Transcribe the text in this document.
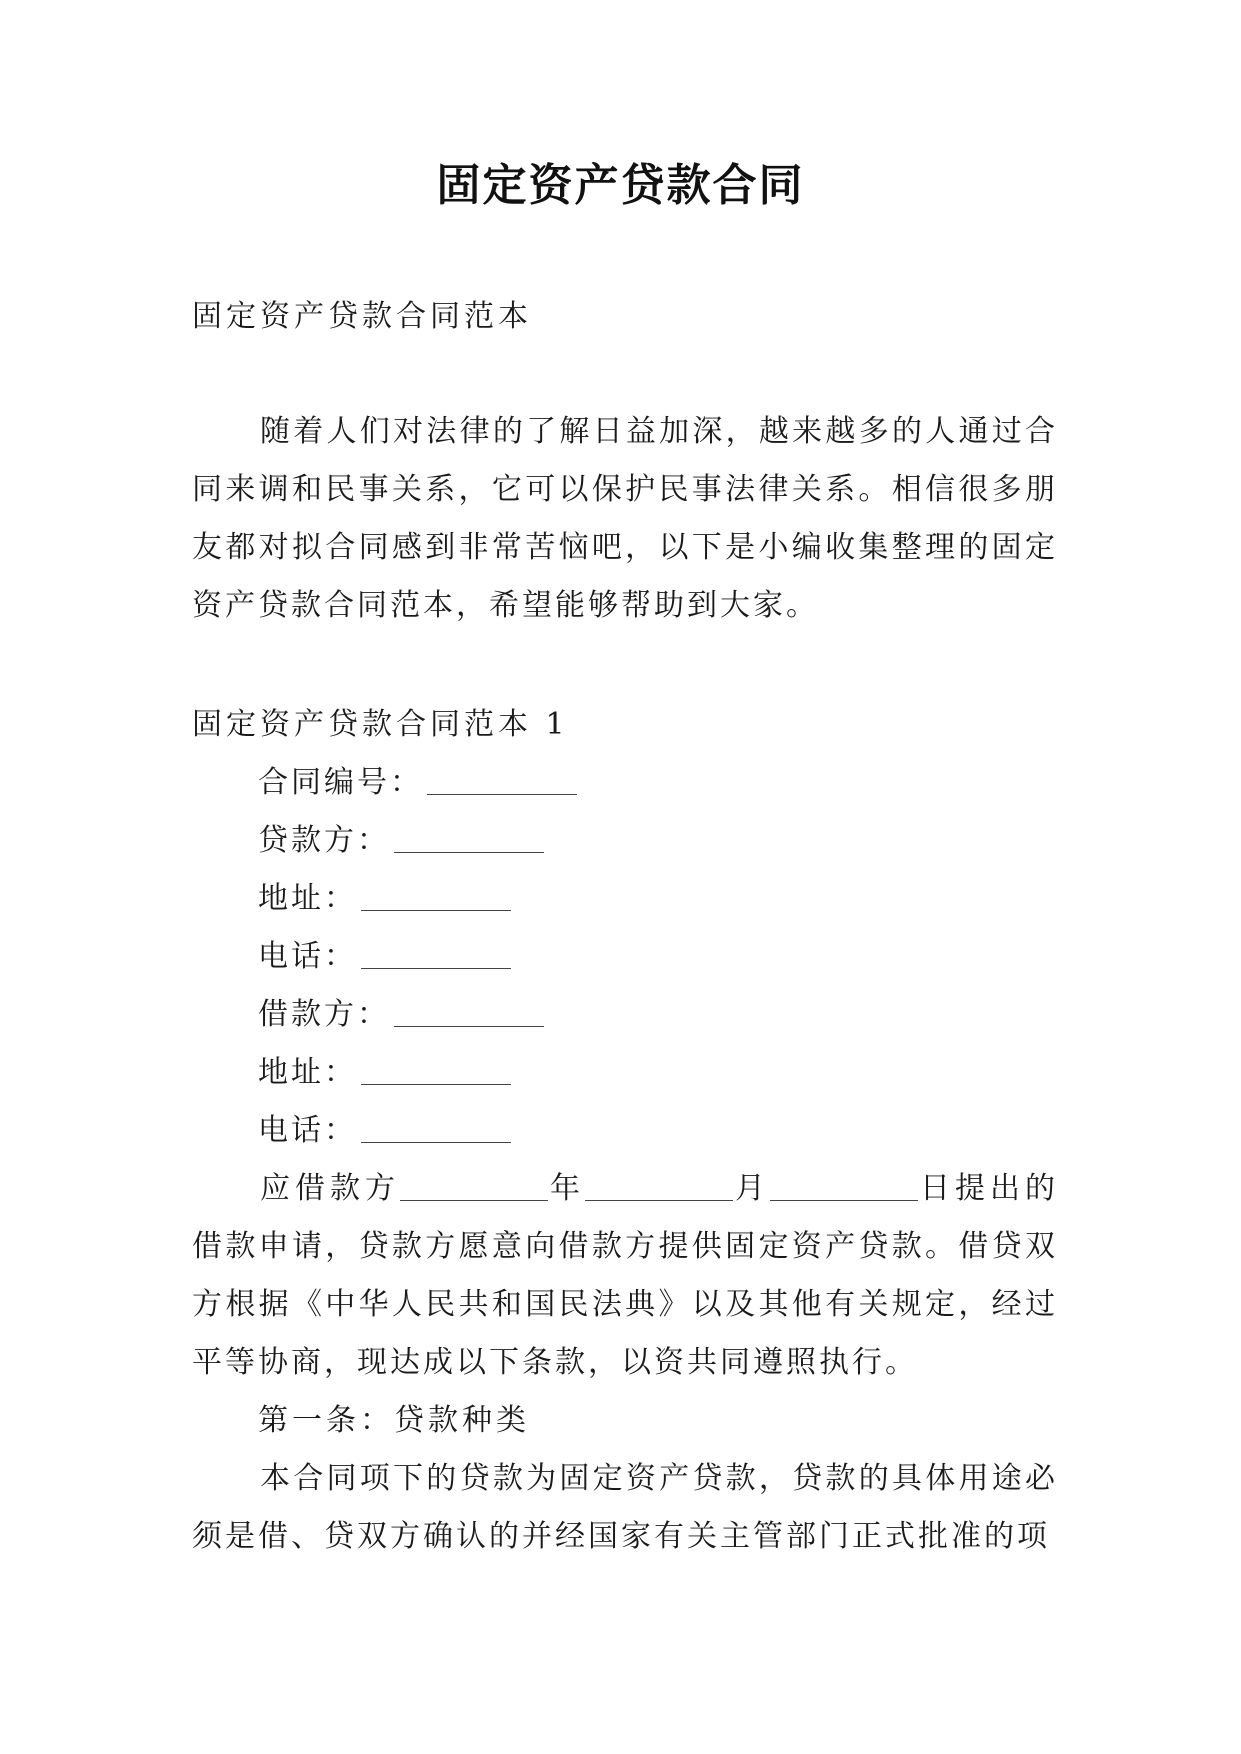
固定资产贷款合同
固定资产贷款合同范本
随着人们对法律的了解日益加深，越来越多的人通过合同来调和民事关系，它可以保护民事法律关系。相信很多朋友都对拟合同感到非常苦恼吧，以下是小编收集整理的固定资产贷款合同范本，希望能够帮助到大家。
固定资产贷款合同范本 1
合同编号：
贷款方：
地址：
电话：
借款方：
地址：
电话：
应借款方	年	月	日提出的借款申请，贷款方愿意向借款方提供固定资产贷款。借贷双方根据《中华人民共和国民法典》以及其他有关规定，经过平等协商，现达成以下条款，以资共同遵照执行。
第一条：贷款种类
本合同项下的贷款为固定资产贷款，贷款的具体用途必须是借、贷双方确认的并经国家有关主管部门正式批准的项
